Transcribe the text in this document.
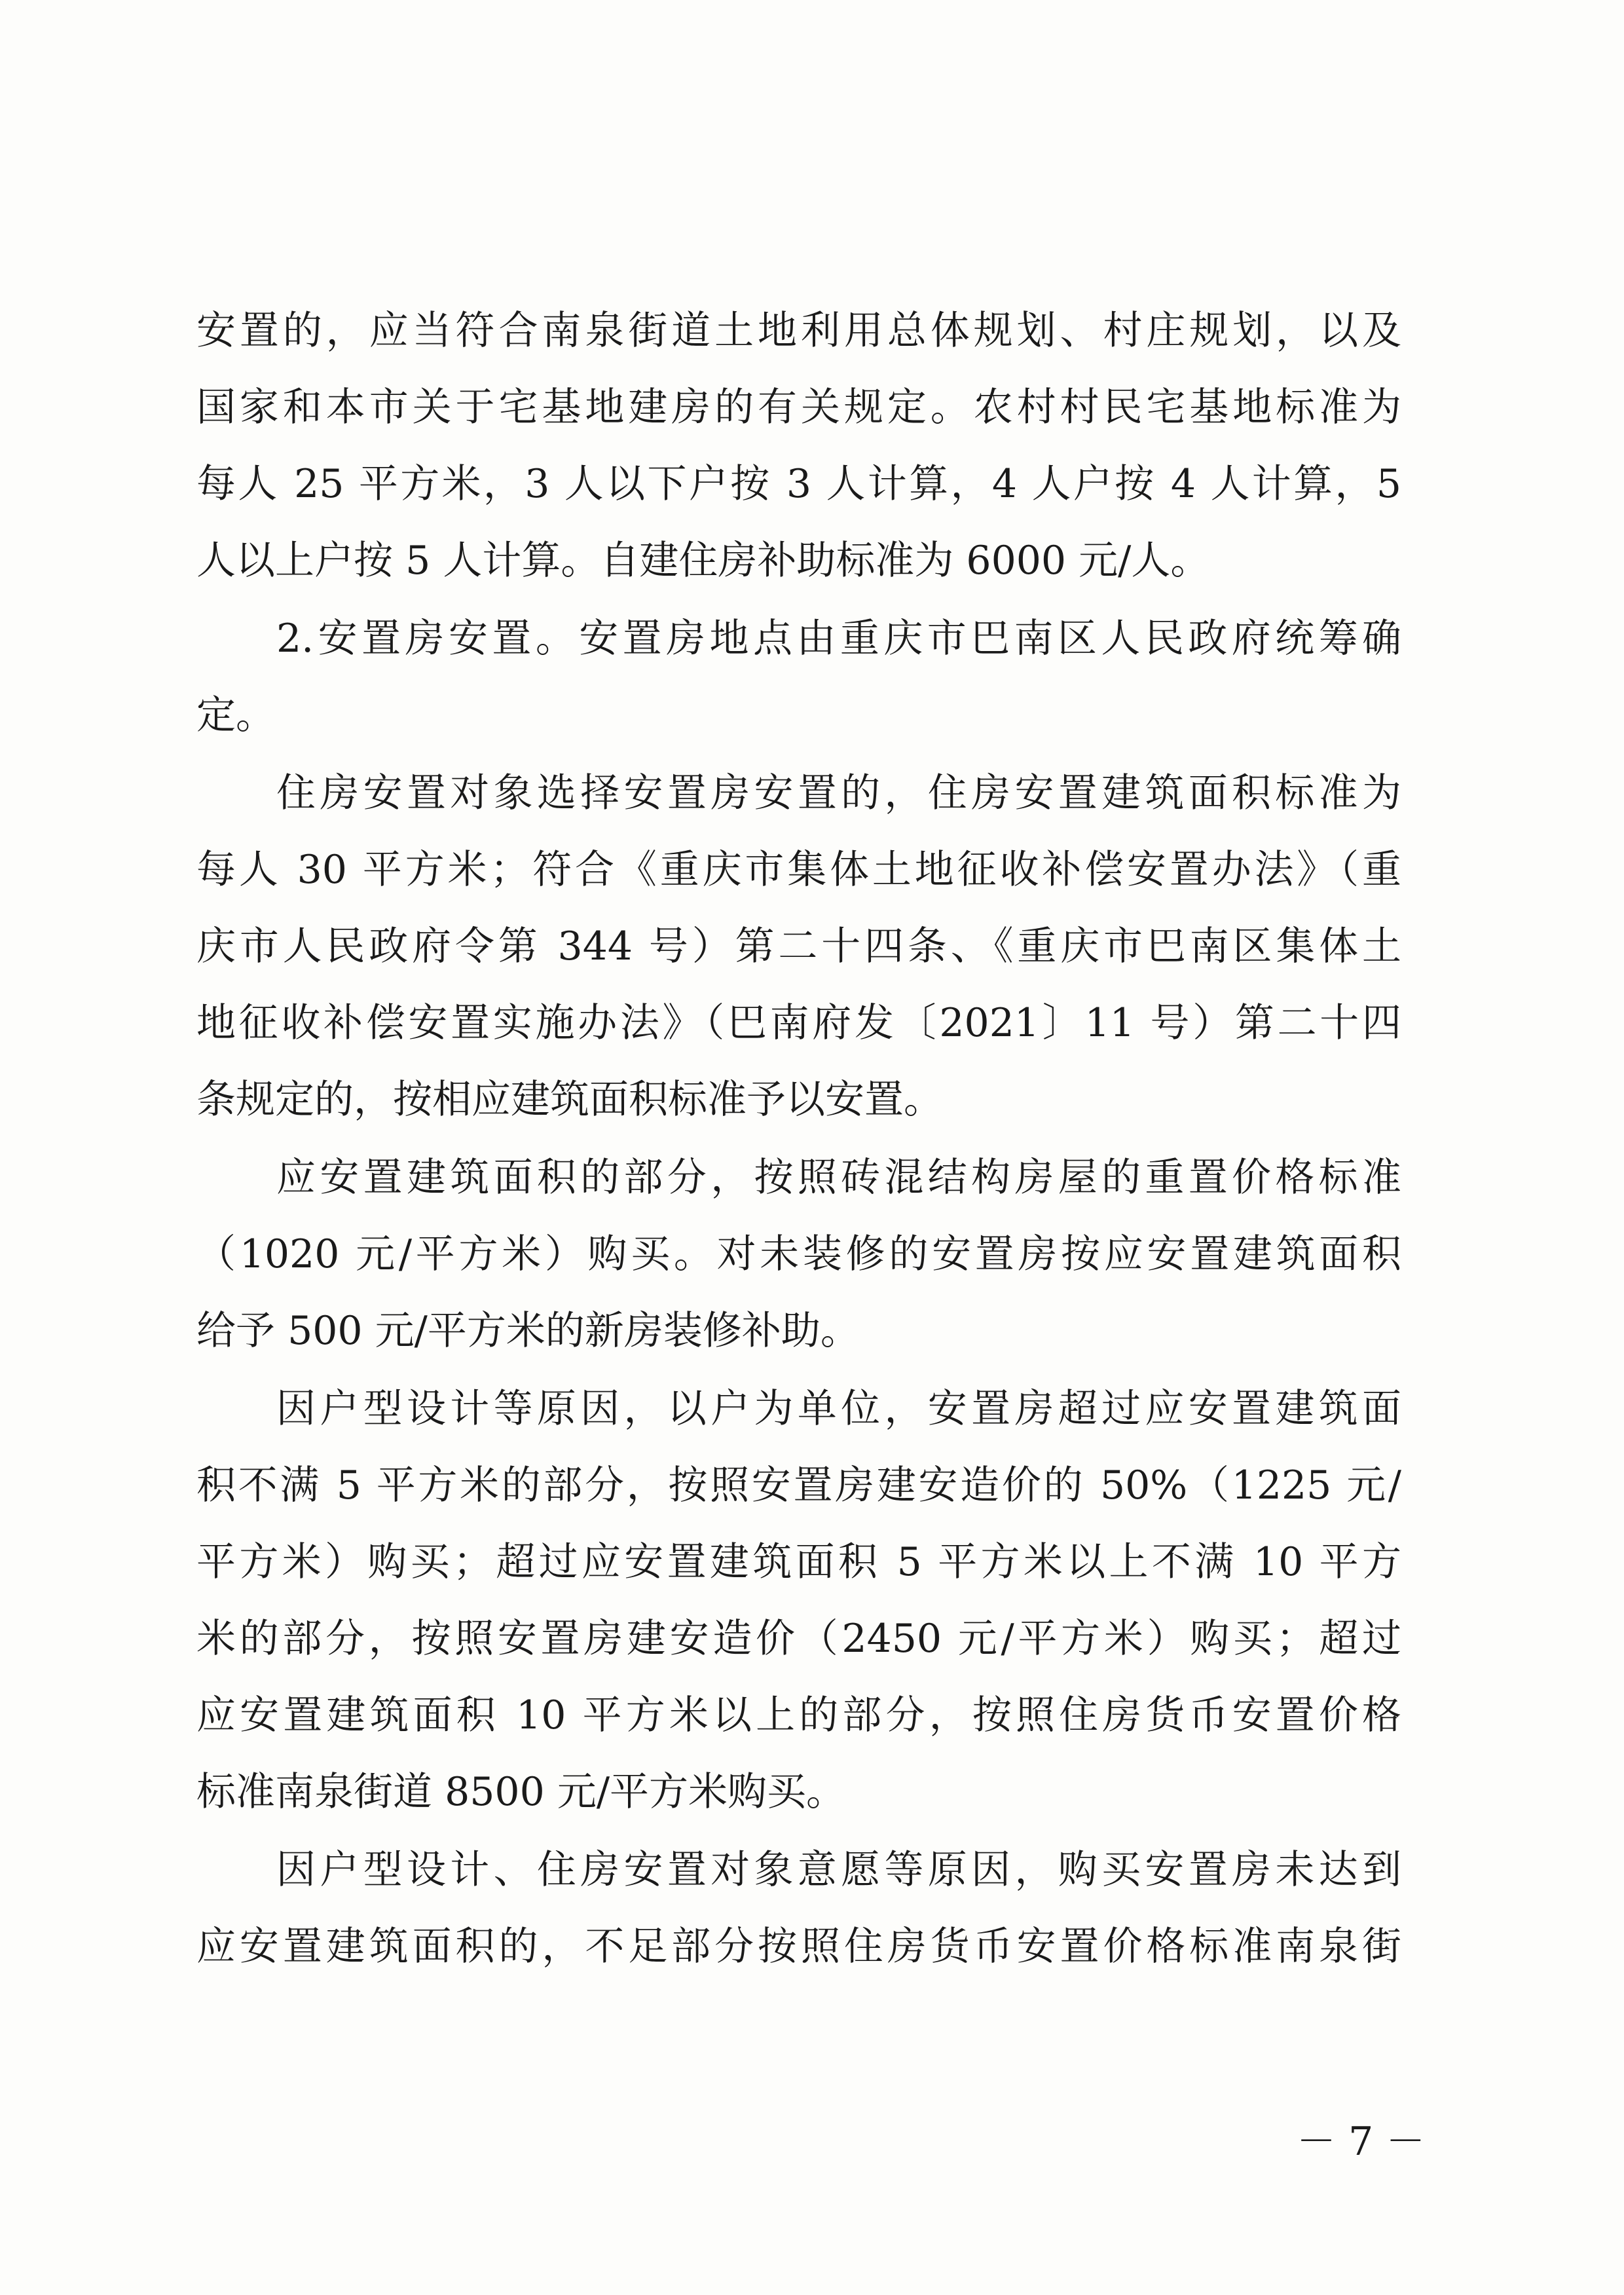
安置的，应当符合南泉街道土地利用总体规划、村庄规划，以及
国家和本市关于宅基地建房的有关规定。农村村民宅基地标准为
每人 25 平方米，3 人以下户按 3 人计算，4 人户按 4 人计算，5
人以上户按 5 人计算。自建住房补助标准为 6000 元/人。
2.安置房安置。安置房地点由重庆市巴南区人民政府统筹确
定。
住房安置对象选择安置房安置的，住房安置建筑面积标准为
每人 30 平方米；符合《重庆市集体土地征收补偿安置办法》（重
庆市人民政府令第 344 号）第二十四条、《重庆市巴南区集体土
地征收补偿安置实施办法》（巴南府发〔2021〕11 号）第二十四
条规定的，按相应建筑面积标准予以安置。
应安置建筑面积的部分，按照砖混结构房屋的重置价格标准
（1020 元/平方米）购买。对未装修的安置房按应安置建筑面积
给予 500 元/平方米的新房装修补助。
因户型设计等原因，以户为单位，安置房超过应安置建筑面
积不满 5 平方米的部分，按照安置房建安造价的 50%（1225 元/
平方米）购买；超过应安置建筑面积 5 平方米以上不满 10 平方
米的部分，按照安置房建安造价（2450 元/平方米）购买；超过
应安置建筑面积 10 平方米以上的部分，按照住房货币安置价格
标准南泉街道 8500 元/平方米购买。
因户型设计、住房安置对象意愿等原因，购买安置房未达到
应安置建筑面积的，不足部分按照住房货币安置价格标准南泉街
－ 7 －
